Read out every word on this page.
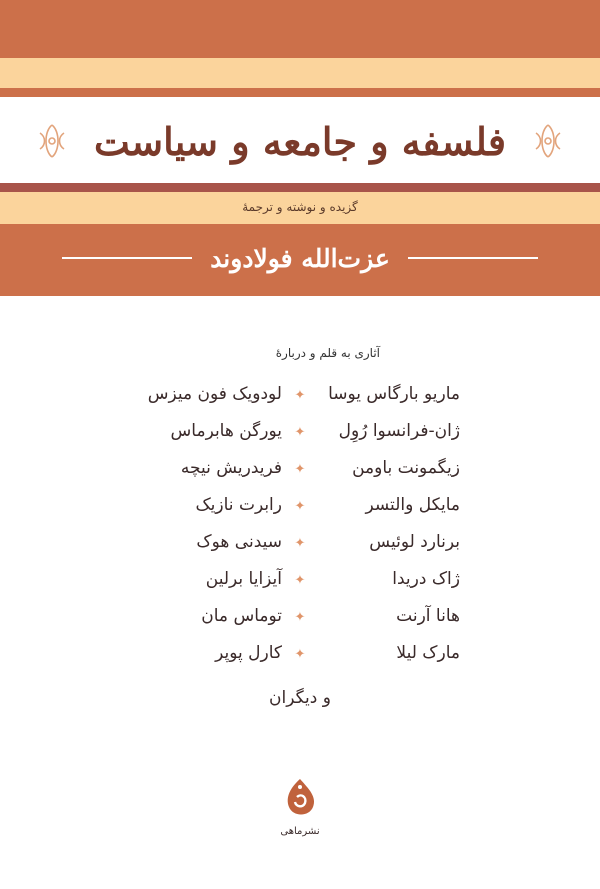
فلسفه و جامعه و سیاست
گزیده و نوشته و ترجمهٔ
عزت‌الله فولادوند
آثاری به قلم و دربارهٔ
ماریو بارگاس یوسا
✦
لودویک فون میزس
ژان-فرانسوا رُوِل
✦
یورگن هابرماس
زیگمونت باومن
✦
فریدریش نیچه
مایکل والتسر
✦
رابرت نازیک
برنارد لوئیس
✦
سیدنی هوک
ژاک دریدا
✦
آیزایا برلین
هانا آرنت
✦
توماس مان
مارک لیلا
✦
کارل پوپر
و دیگران
نشرماهی
